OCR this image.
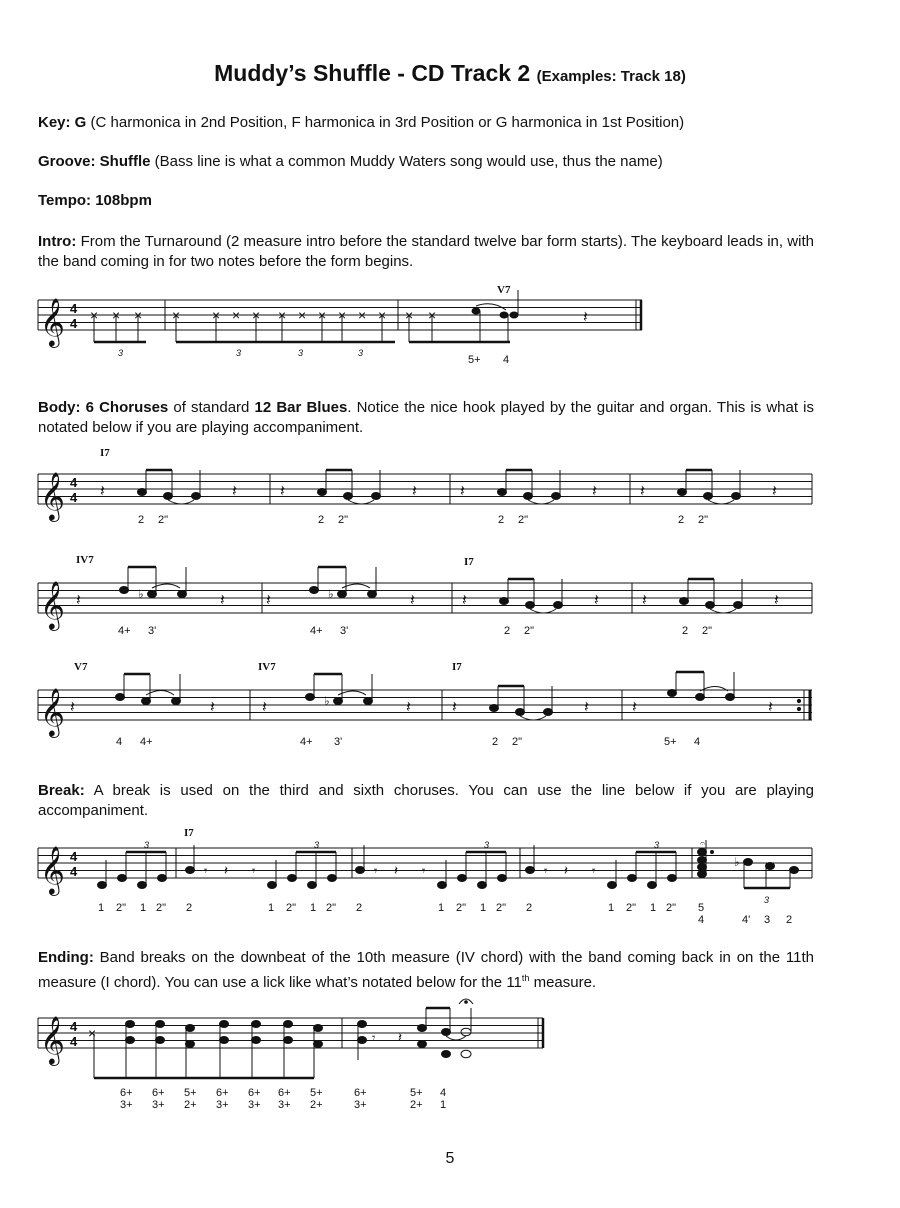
Muddy’s Shuffle - CD Track 2 (Examples: Track 18)
Key: G (C harmonica in 2nd Position, F harmonica in 3rd Position or G harmonica in 1st Position)
Groove: Shuffle (Bass line is what a common Muddy Waters song would use, thus the name)
Tempo: 108bpm
Intro: From the Turnaround (2 measure intro before the standard twelve bar form starts). The keyboard leads in, with the band coming in for two notes before the form begins.
Body: 6 Choruses of standard 12 Bar Blues. Notice the nice hook played by the guitar and organ. This is what is notated below if you are playing accompaniment.
Break: A break is used on the third and sixth choruses. You can use the line below if you are playing accompaniment.
Ending: Band breaks on the downbeat of the 10th measure (IV chord) with the band coming back in on the 11th measure (I chord). You can use a lick like what’s notated below for the 11th measure.
𝄞 4
4
× × × × × × × × × × × × × × ×	𝄽
3	3	3	3
V7
5+ 4
𝄞 4
4
I7
𝄽	𝄽	𝄽	𝄽	𝄽	𝄽	𝄽	𝄽
2 2"	2 2"	2 2"	2 2"
𝄞
IV7	I7
𝄽	♭	𝄽	𝄽	♭	𝄽	𝄽	𝄽	𝄽	𝄽
4+ 3'	4+ 3'	2 2"	2 2"
𝄞
V7	IV7	I7
𝄽	𝄽	𝄽	♭	𝄽	𝄽	𝄽	𝄽	𝄽
4 4+	4+ 3'	2 2"	5+ 4
𝄞 4
4
I7
𝄾 𝄽 𝄾	𝄾 𝄽 𝄾	𝄾 𝄽 𝄾
𝄐
♭
3	3	3	3
3
1 2" 1 2" 2	1 2" 1 2" 2	1 2" 1 2" 2	1 2" 1 2" 5
4	4' 3 2
𝄞 4
4
×	𝄾 𝄽
6+
3+
6+
3+
5+
2+
6+
3+
6+
3+
6+
3+
5+
2+
6+
3+
5+
2+
4
1
5
